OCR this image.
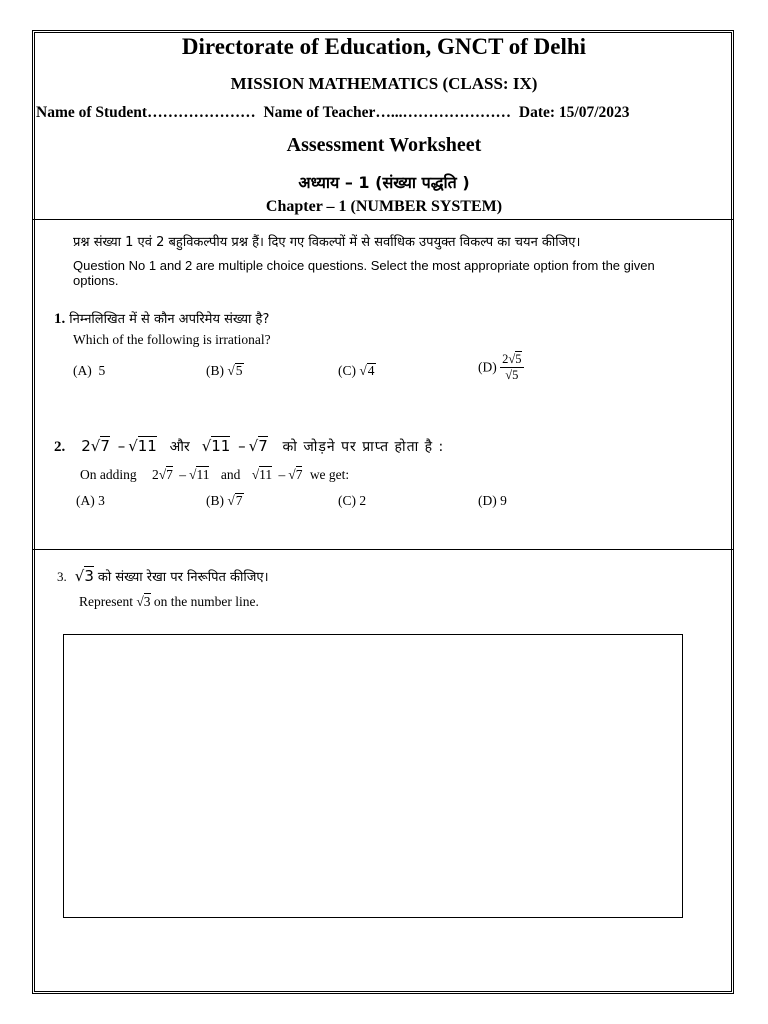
Directorate of Education, GNCT of Delhi
MISSION MATHEMATICS (CLASS: IX)
Name of Student………………… Name of Teacher…...………………… Date: 15/07/2023
Assessment Worksheet
अध्याय – 1 (संख्या पद्धति )
Chapter – 1 (NUMBER SYSTEM)
प्रश्न संख्या 1 एवं 2 बहुविकल्पीय प्रश्न हैं। दिए गए विकल्पों में से सर्वाधिक उपयुक्त विकल्प का चयन कीजिए।
Question No 1 and 2 are multiple choice questions. Select the most appropriate option from the given options.
1. निम्नलिखित में से कौन अपरिमेय संख्या है?
Which of the following is irrational?
(A) 5	(B) √5	(C) √4	$(D) \frac{2√5}{√5}$
2. 2√7 – √11 और √11 – √7 को जोड़ने पर प्राप्त होता है :
On adding 2√7 – √11 and √11 – √7 we get:
(A) 3	(B) √7	(C) 2	(D) 9
3. √3 को संख्या रेखा पर निरूपित कीजिए।
Represent √3 on the number line.
